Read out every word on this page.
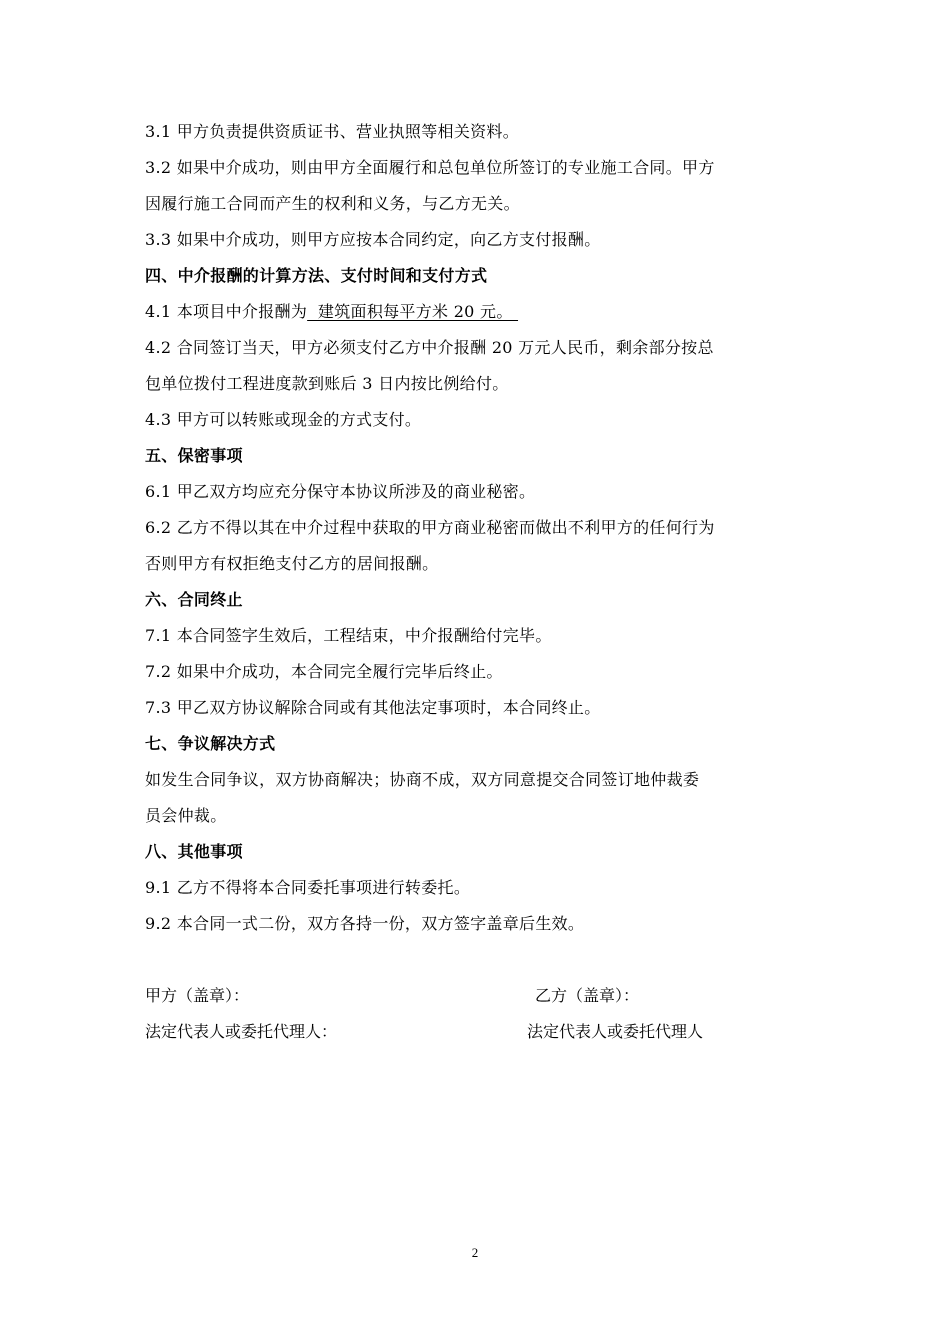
3.1 甲方负责提供资质证书、营业执照等相关资料。
3.2 如果中介成功，则由甲方全面履行和总包单位所签订的专业施工合同。甲方
因履行施工合同而产生的权利和义务，与乙方无关。
3.3 如果中介成功，则甲方应按本合同约定，向乙方支付报酬。
四、中介报酬的计算方法、支付时间和支付方式
4.1 本项目中介报酬为  建筑面积每平方米 20 元。
4.2 合同签订当天，甲方必须支付乙方中介报酬 20 万元人民币，剩余部分按总
包单位拨付工程进度款到账后 3 日内按比例给付。
4.3 甲方可以转账或现金的方式支付。
五、保密事项
6.1 甲乙双方均应充分保守本协议所涉及的商业秘密。
6.2 乙方不得以其在中介过程中获取的甲方商业秘密而做出不利甲方的任何行为
否则甲方有权拒绝支付乙方的居间报酬。
六、合同终止
7.1 本合同签字生效后，工程结束，中介报酬给付完毕。
7.2 如果中介成功，本合同完全履行完毕后终止。
7.3 甲乙双方协议解除合同或有其他法定事项时，本合同终止。
七、争议解决方式
如发生合同争议，双方协商解决；协商不成，双方同意提交合同签订地仲裁委
员会仲裁。
八、其他事项
9.1 乙方不得将本合同委托事项进行转委托。
9.2 本合同一式二份，双方各持一份，双方签字盖章后生效。
甲方（盖章）：	乙方（盖章）：
法定代表人或委托代理人：	法定代表人或委托代理人
2
